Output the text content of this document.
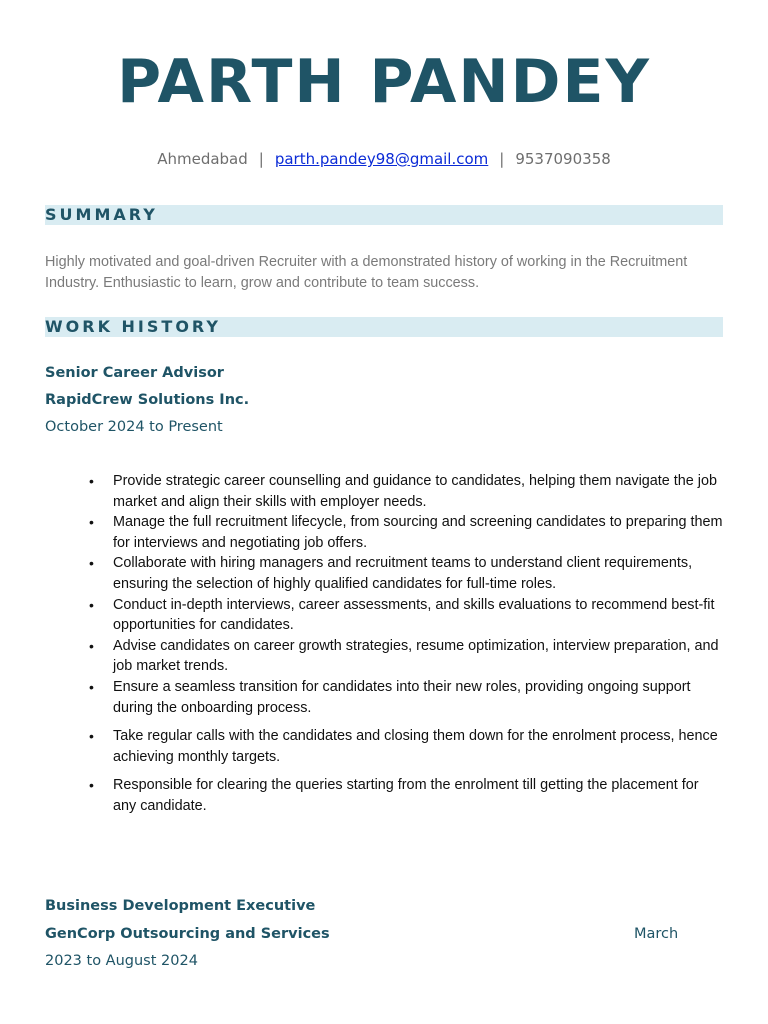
PARTH PANDEY
Ahmedabad | parth.pandey98@gmail.com | 9537090358
SUMMARY

Highly motivated and goal-driven Recruiter with a demonstrated history of working in the Recruitment Industry. Enthusiastic to learn, grow and contribute to team success.

WORK HISTORY
Senior Career Advisor
RapidCrew Solutions Inc.
October 2024 to Present
• Provide strategic career counselling and guidance to candidates, helping them navigate the job market and align their skills with employer needs.
• Manage the full recruitment lifecycle, from sourcing and screening candidates to preparing them for interviews and negotiating job offers.
• Collaborate with hiring managers and recruitment teams to understand client requirements, ensuring the selection of highly qualified candidates for full-time roles.
• Conduct in-depth interviews, career assessments, and skills evaluations to recommend best-fit opportunities for candidates.
• Advise candidates on career growth strategies, resume optimization, interview preparation, and job market trends.
• Ensure a seamless transition for candidates into their new roles, providing ongoing support during the onboarding process.
• Take regular calls with the candidates and closing them down for the enrolment process, hence achieving monthly targets.
• Responsible for clearing the queries starting from the enrolment till getting the placement for any candidate.
Business Development Executive
GenCorp Outsourcing and Services	March
2023 to August 2024
